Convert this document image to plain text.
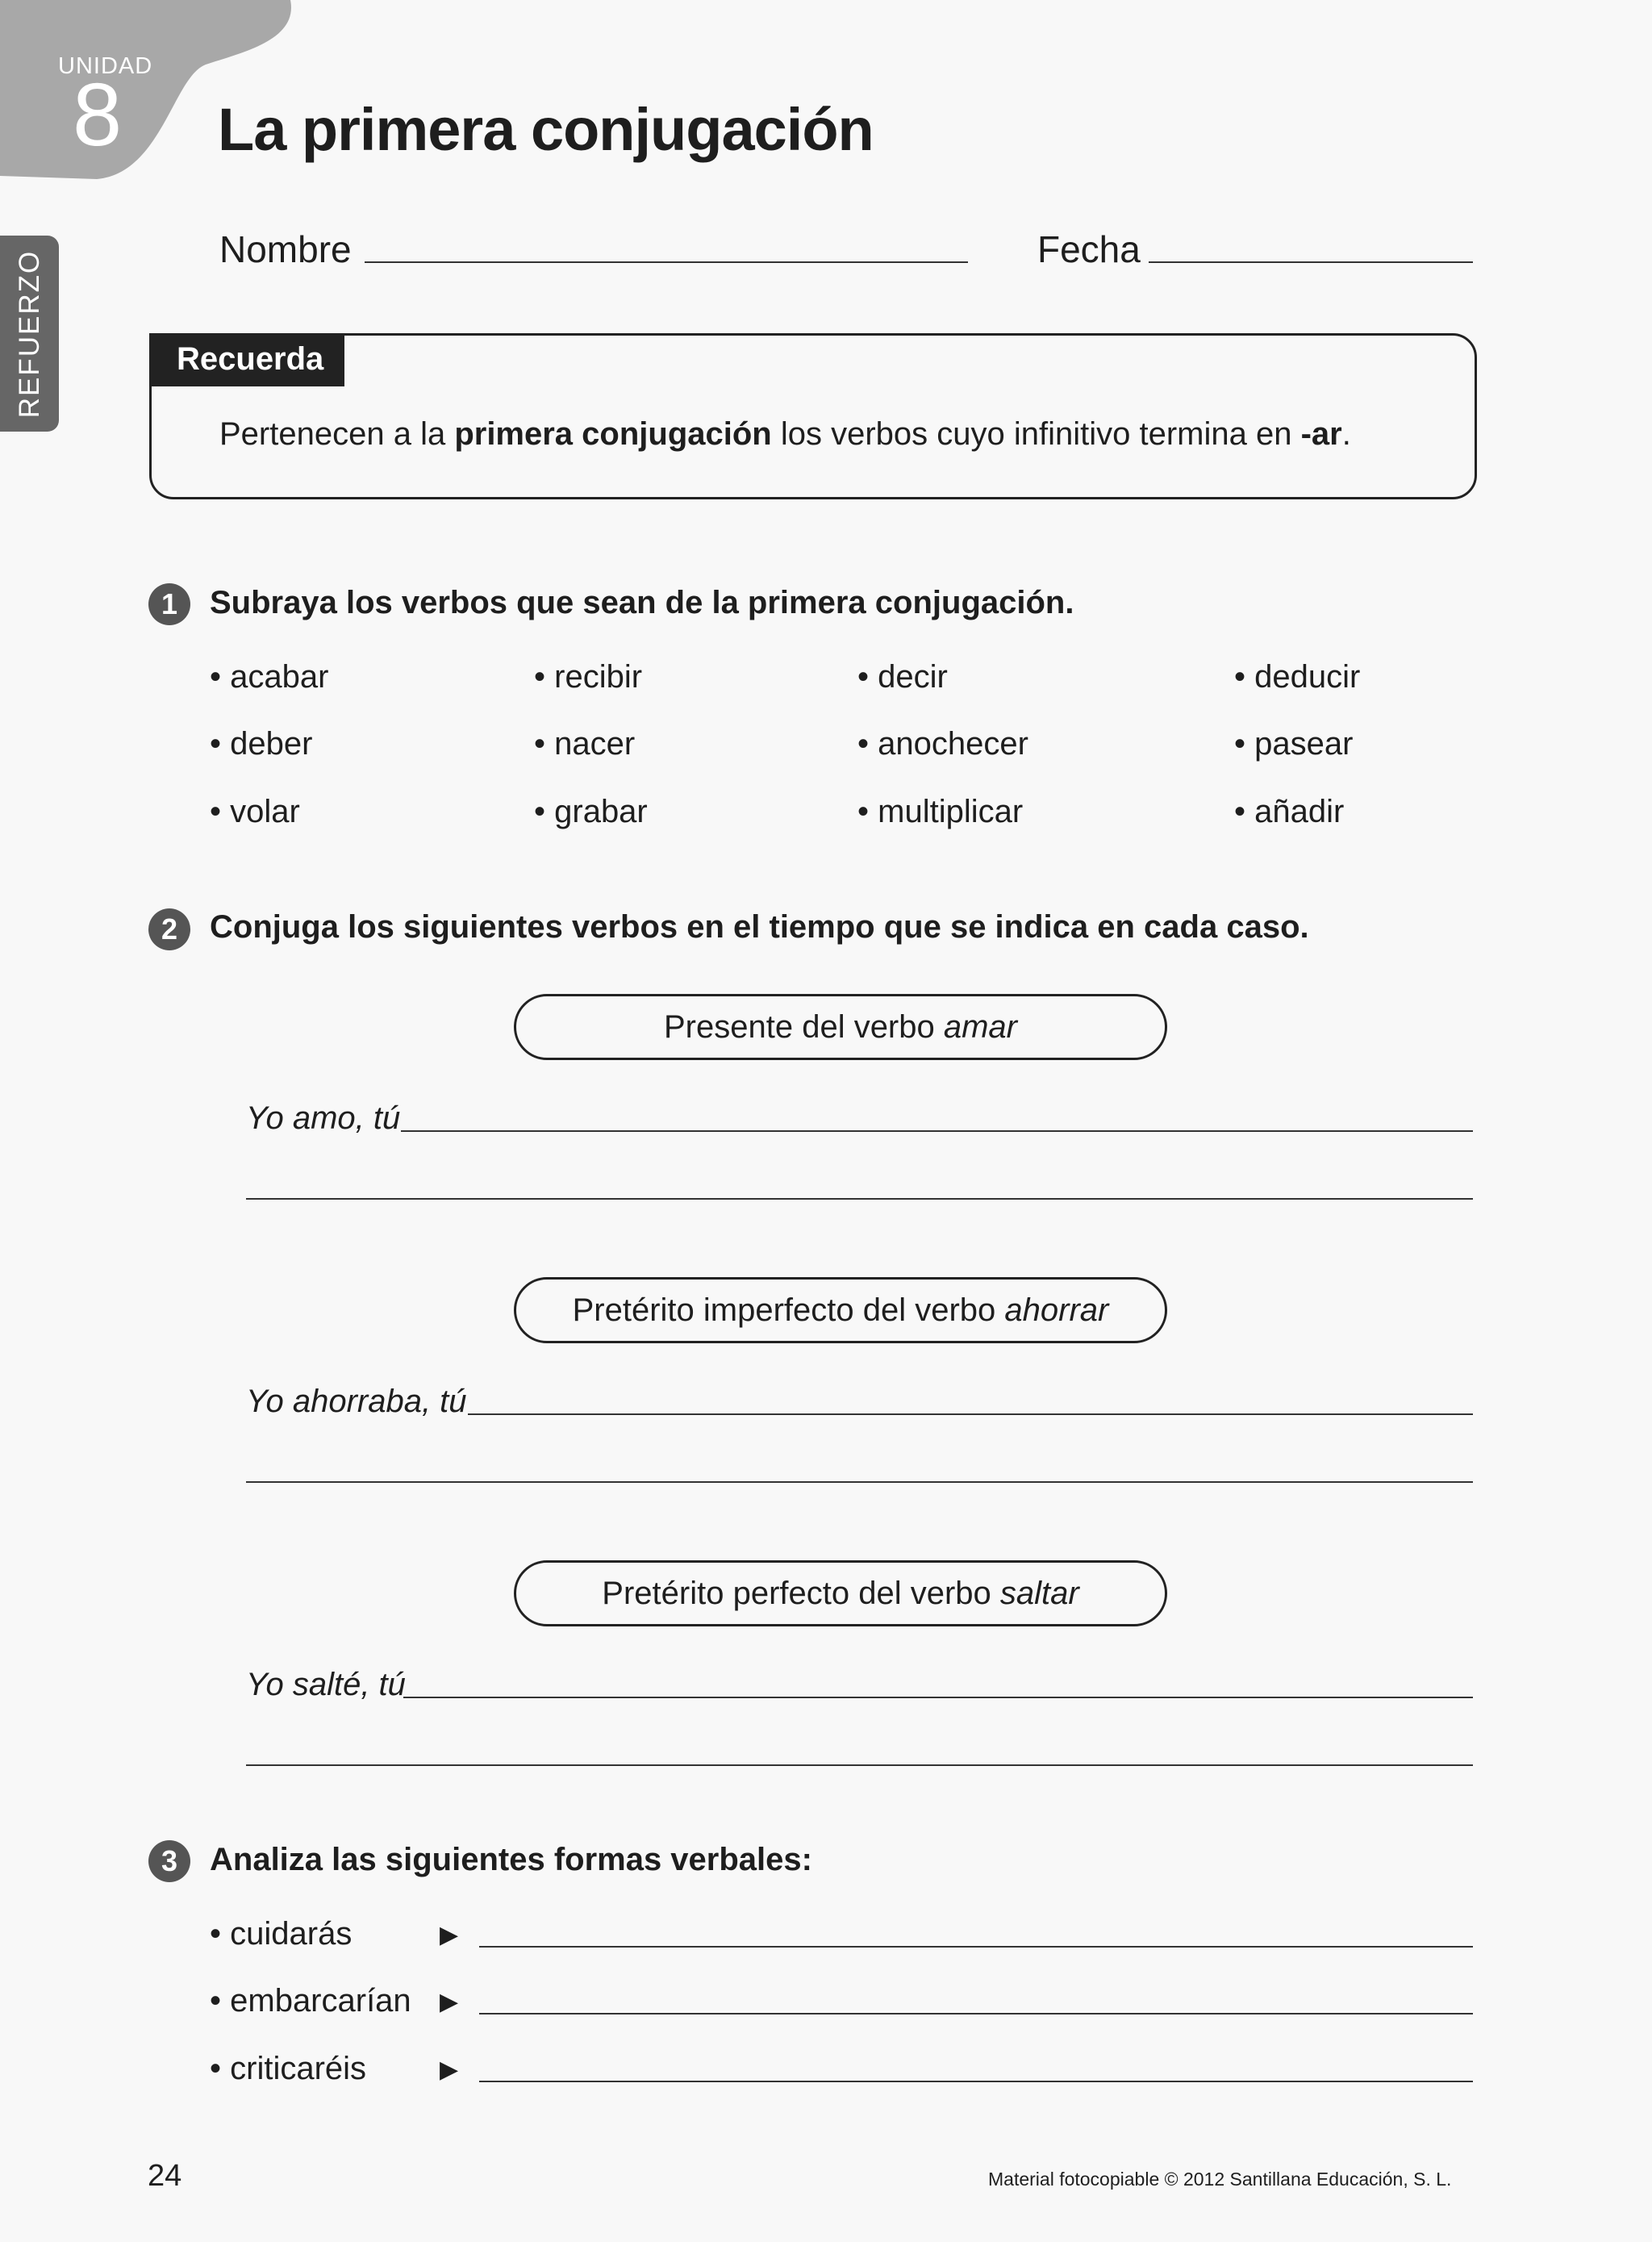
UNIDAD
8
REFUERZO
La primera conjugación
Nombre	Fecha
Recuerda
Pertenecen a la primera conjugación los verbos cuyo infinitivo termina en -ar.
1 Subraya los verbos que sean de la primera conjugación.
• acabar
• deber
• volar
• recibir
• nacer
• grabar
• decir
• anochecer
• multiplicar
• deducir
• pasear
• añadir
2 Conjuga los siguientes verbos en el tiempo que se indica en cada caso.
Presente del verbo amar
Yo amo, tú
Pretérito imperfecto del verbo ahorrar
Yo ahorraba, tú
Pretérito perfecto del verbo saltar
Yo salté, tú
3 Analiza las siguientes formas verbales:
• cuidarás	▶
• embarcarían ▶
• criticaréis	▶
24	Material fotocopiable © 2012 Santillana Educación, S. L.
